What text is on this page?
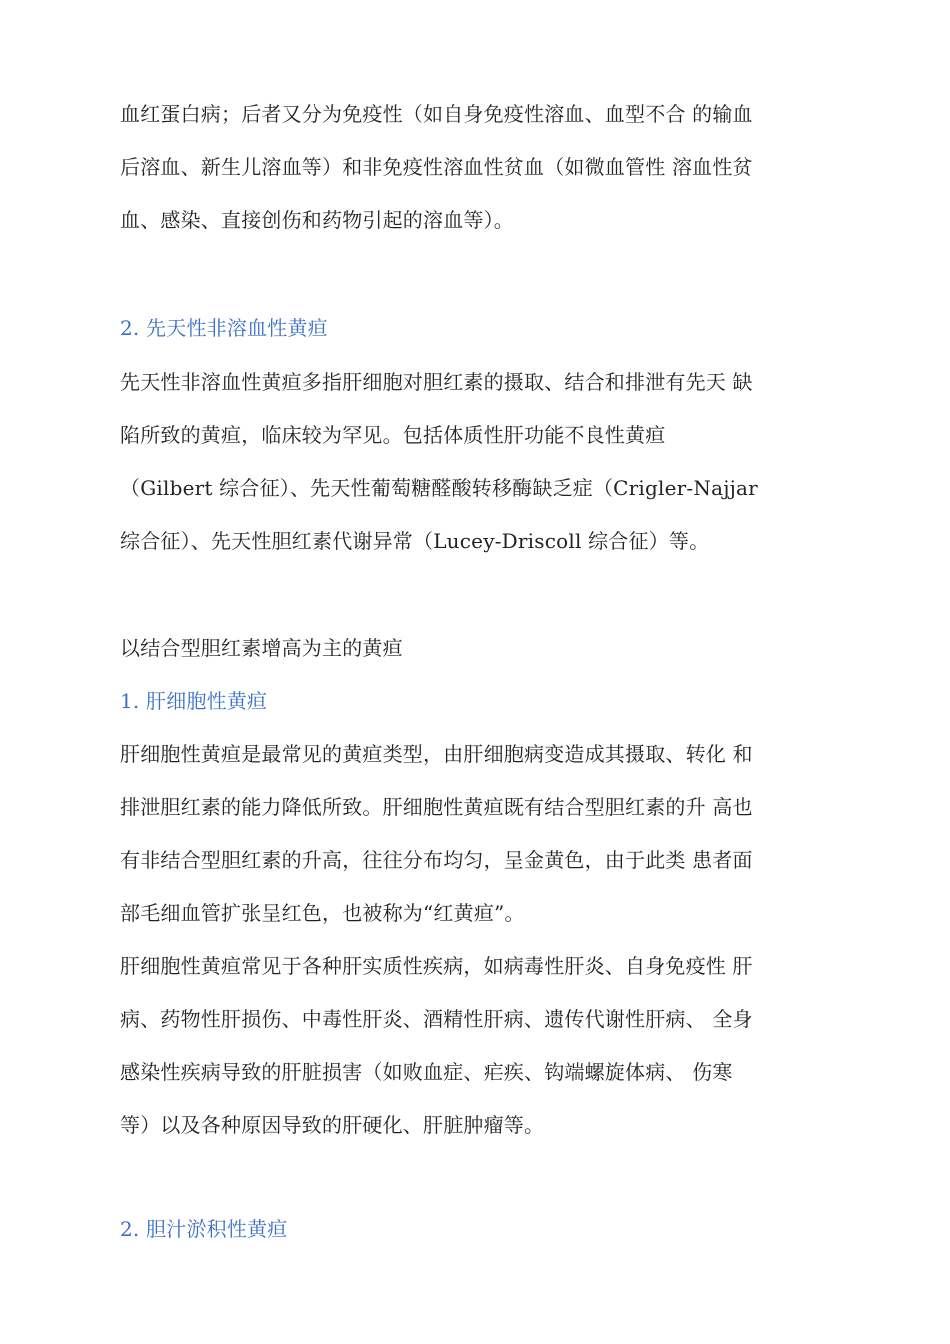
血红蛋白病；后者又分为免疫性（如自身免疫性溶血、血型不合 的输血
后溶血、新生儿溶血等）和非免疫性溶血性贫血（如微血管性 溶血性贫
血、感染、直接创伤和药物引起的溶血等）。
2. 先天性非溶血性黄疸
先天性非溶血性黄疸多指肝细胞对胆红素的摄取、结合和排泄有先天 缺
陷所致的黄疸，临床较为罕见。包括体质性肝功能不良性黄疸
（Gilbert 综合征）、先天性葡萄糖醛酸转移酶缺乏症（Crigler-Najjar
综合征）、先天性胆红素代谢异常（Lucey-Driscoll 综合征）等。
以结合型胆红素增高为主的黄疸
1. 肝细胞性黄疸
肝细胞性黄疸是最常见的黄疸类型，由肝细胞病变造成其摄取、转化 和
排泄胆红素的能力降低所致。肝细胞性黄疸既有结合型胆红素的升 高也
有非结合型胆红素的升高，往往分布均匀，呈金黄色，由于此类 患者面
部毛细血管扩张呈红色，也被称为“红黄疸”。
肝细胞性黄疸常见于各种肝实质性疾病，如病毒性肝炎、自身免疫性 肝
病、药物性肝损伤、中毒性肝炎、酒精性肝病、遗传代谢性肝病、 全身
感染性疾病导致的肝脏损害（如败血症、疟疾、钩端螺旋体病、 伤寒
等）以及各种原因导致的肝硬化、肝脏肿瘤等。
2. 胆汁淤积性黄疸
